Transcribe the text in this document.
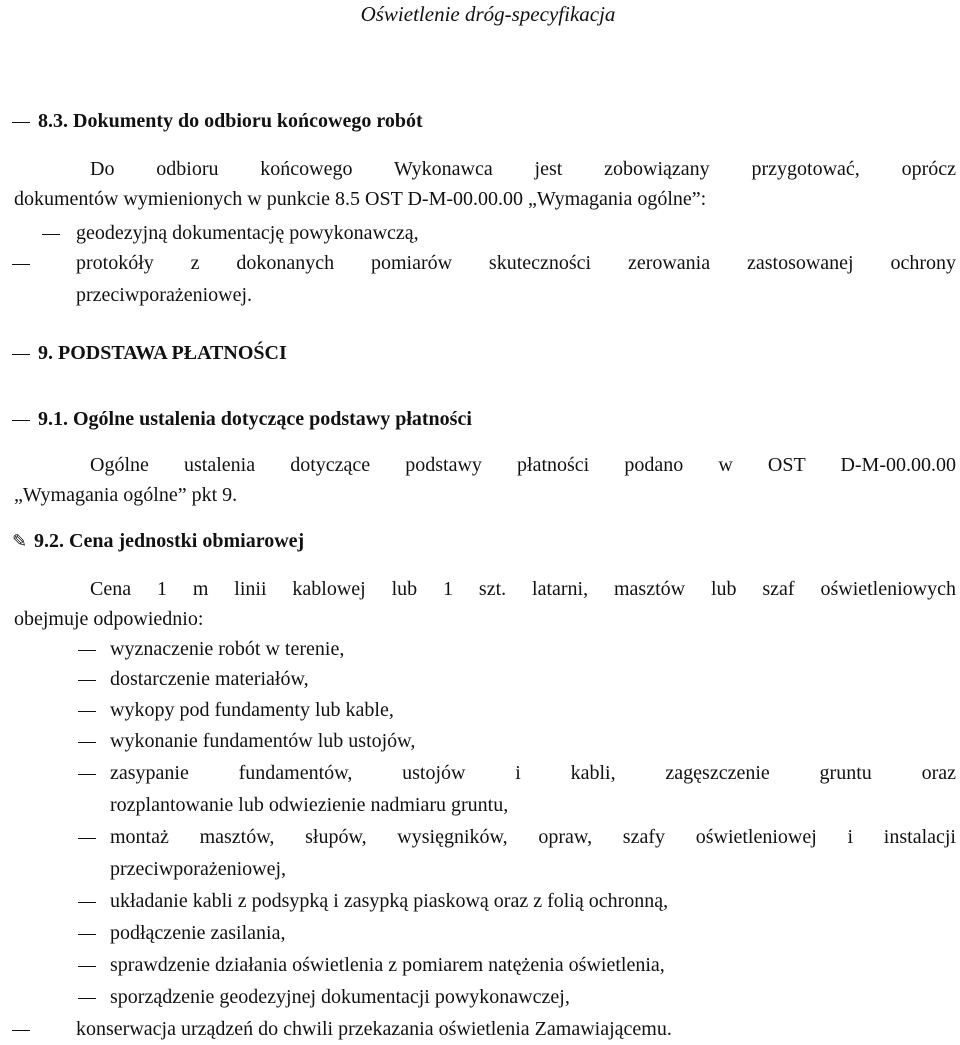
Oświetlenie dróg-specyfikacja
8.3. Dokumenty do odbioru końcowego robót
Do odbioru końcowego Wykonawca jest zobowiązany przygotować, oprócz
dokumentów wymienionych w punkcie 8.5 OST D-M-00.00.00 „Wymagania ogólne”:
geodezyjną dokumentację powykonawczą,
protokóły z dokonanych pomiarów skuteczności zerowania zastosowanej ochrony
przeciwporażeniowej.
9. PODSTAWA PŁATNOŚCI
9.1. Ogólne ustalenia dotyczące podstawy płatności
Ogólne ustalenia dotyczące podstawy płatności podano w OST D-M-00.00.00
„Wymagania ogólne” pkt 9.
✎ 9.2. Cena jednostki obmiarowej
Cena 1 m linii kablowej lub 1 szt. latarni, masztów lub szaf oświetleniowych
obejmuje odpowiednio:
wyznaczenie robót w terenie,
dostarczenie materiałów,
wykopy pod fundamenty lub kable,
wykonanie fundamentów lub ustojów,
zasypanie fundamentów, ustojów i kabli, zagęszczenie gruntu oraz
rozplantowanie lub odwiezienie nadmiaru gruntu,
montaż masztów, słupów, wysięgników, opraw, szafy oświetleniowej i instalacji
przeciwporażeniowej,
układanie kabli z podsypką i zasypką piaskową oraz z folią ochronną,
podłączenie zasilania,
sprawdzenie działania oświetlenia z pomiarem natężenia oświetlenia,
sporządzenie geodezyjnej dokumentacji powykonawczej,
konserwacja urządzeń do chwili przekazania oświetlenia Zamawiającemu.
